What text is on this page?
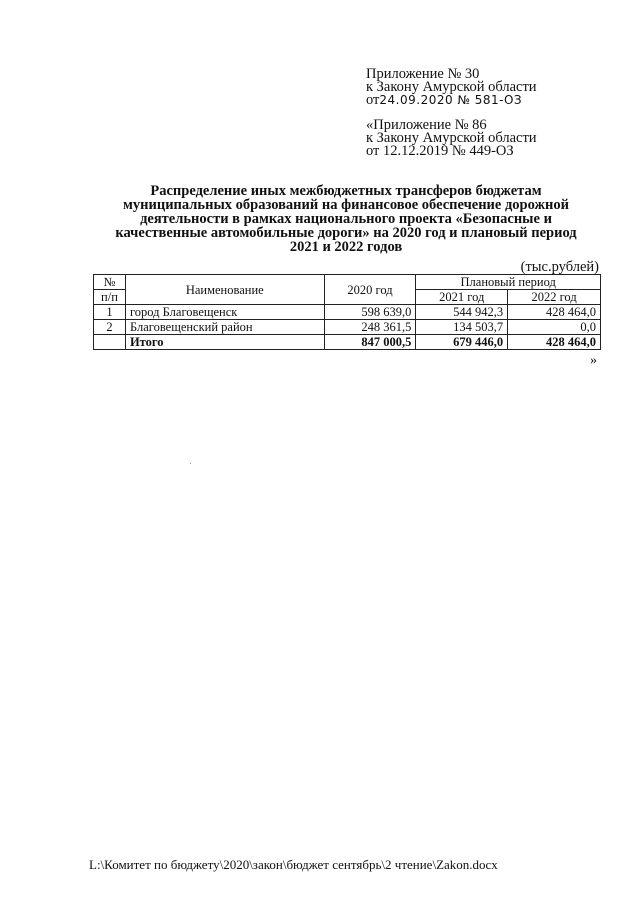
Приложение № 30
к Закону Амурской области
от24.09.2020 № 581-ОЗ
«Приложение № 86
к Закону Амурской области
от 12.12.2019 № 449-ОЗ
Распределение иных межбюджетных трансферов бюджетам
муниципальных образований на финансовое обеспечение дорожной
деятельности в рамках национального проекта «Безопасные и
качественные автомобильные дороги» на 2020 год и плановый период
2021 и 2022 годов
(тыс.рублей)
№	Наименование	2020 год	Плановый период	
п/п			2021 год	2022 год
1	город Благовещенск	598 639,0	544 942,3	428 464,0
2	Благовещенский район	248 361,5	134 503,7	0,0
	Итого	847 000,5	679 446,0	428 464,0
»
L:\Комитет по бюджету\2020\закон\бюджет сентябрь\2 чтение\Zakon.docx
